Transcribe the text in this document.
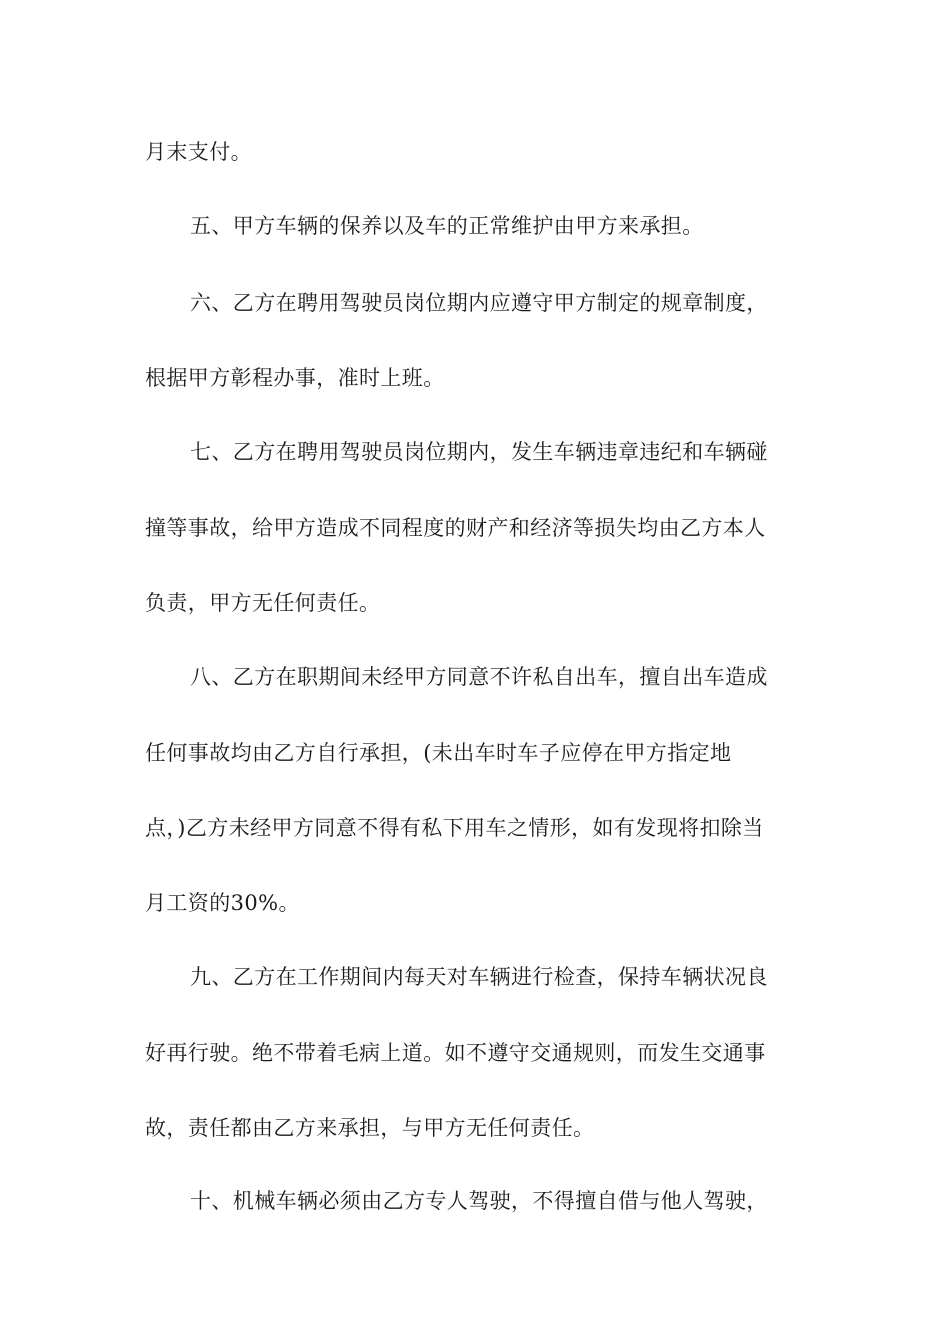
月末支付。
五、甲方车辆的保养以及车的正常维护由甲方来承担。
六、乙方在聘用驾驶员岗位期内应遵守甲方制定的规章制度，
根据甲方彰程办事，准时上班。
七、乙方在聘用驾驶员岗位期内，发生车辆违章违纪和车辆碰
撞等事故，给甲方造成不同程度的财产和经济等损失均由乙方本人
负责，甲方无任何责任。
八、乙方在职期间未经甲方同意不许私自出车，擅自出车造成
任何事故均由乙方自行承担，(未出车时车子应停在甲方指定地
点，)乙方未经甲方同意不得有私下用车之情形，如有发现将扣除当
月工资的30%。
九、乙方在工作期间内每天对车辆进行检查，保持车辆状况良
好再行驶。绝不带着毛病上道。如不遵守交通规则，而发生交通事
故，责任都由乙方来承担，与甲方无任何责任。
十、机械车辆必须由乙方专人驾驶，不得擅自借与他人驾驶，
